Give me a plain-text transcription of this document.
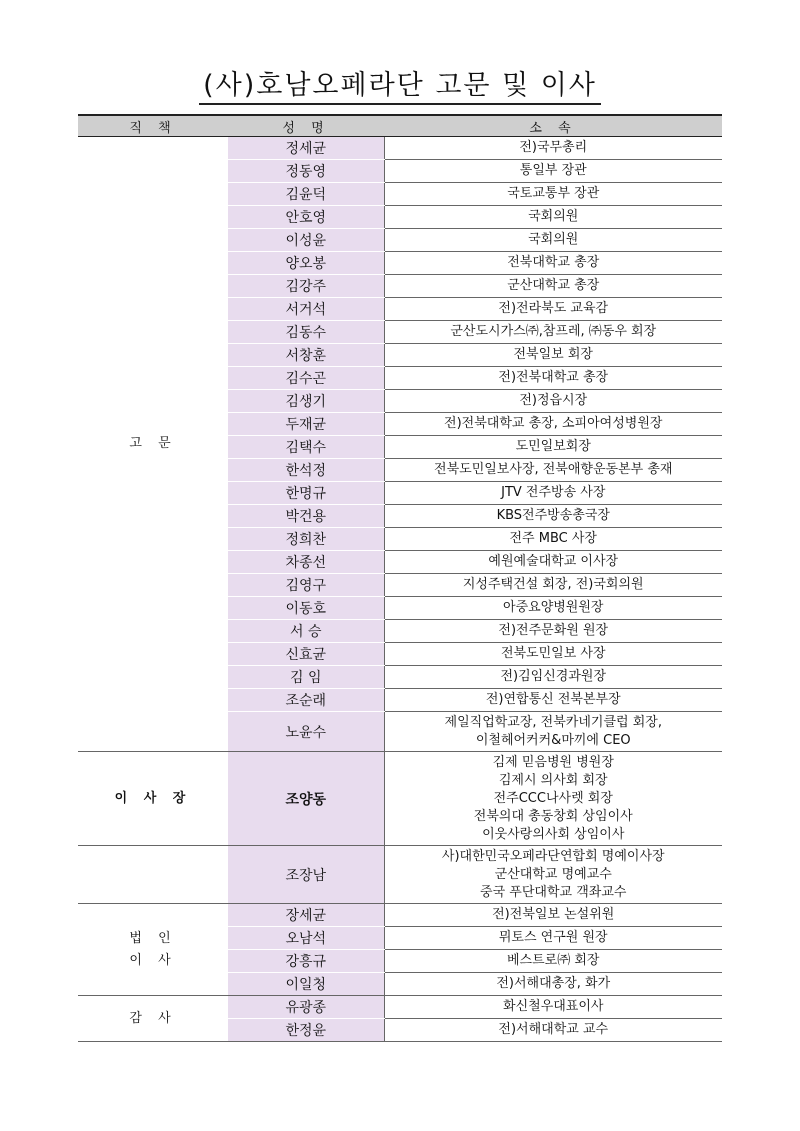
(사)호남오페라단 고문 및 이사
직 책	성 명	소 속

고 문	정세균	전)국무총리

	정동영	통일부 장관

	김윤덕	국토교통부 장관

	안호영	국회의원

	이성윤	국회의원

	양오봉	전북대학교 총장

	김강주	군산대학교 총장

	서거석	전)전라북도 교육감

	김동수	군산도시가스㈜,참프레, ㈜동우 회장

	서창훈	전북일보 회장

	김수곤	전)전북대학교 총장

	김생기	전)정읍시장

	두재균	전)전북대학교 총장, 소피아여성병원장

	김택수	도민일보회장

	한석정	전북도민일보사장, 전북애향운동본부 총재

	한명규	JTV 전주방송 사장

	박건용	KBS전주방송총국장

	정희찬	전주 MBC 사장

	차종선	예원예술대학교 이사장

	김영구	지성주택건설 회장, 전)국회의원

	이동호	아중요양병원원장

	서 승	전)전주문화원 원장

	신효균	전북도민일보 사장

	김 임	전)김임신경과원장

	조순래	전)연합통신 전북본부장

	노윤수	제일직업학교장, 전북카네기클럽 회장,
이철헤어커커&마끼에 CEO

이 사 장	조양동	김제 믿음병원 병원장
김제시 의사회 회장
전주CCC나사렛 회장
전북의대 총동창회 상임이사
이웃사랑의사회 상임이사

	조장남	사)대한민국오페라단연합회 명예이사장
군산대학교 명예교수
중국 푸단대학교 객좌교수

법 인
이 사	장세균	전)전북일보 논설위원

	오남석	뮈토스 연구원 원장

	강흥규	베스트로㈜ 회장

	이일청	전)서해대총장, 화가

감 사	유광종	화신철우대표이사

	한정윤	전)서해대학교 교수
